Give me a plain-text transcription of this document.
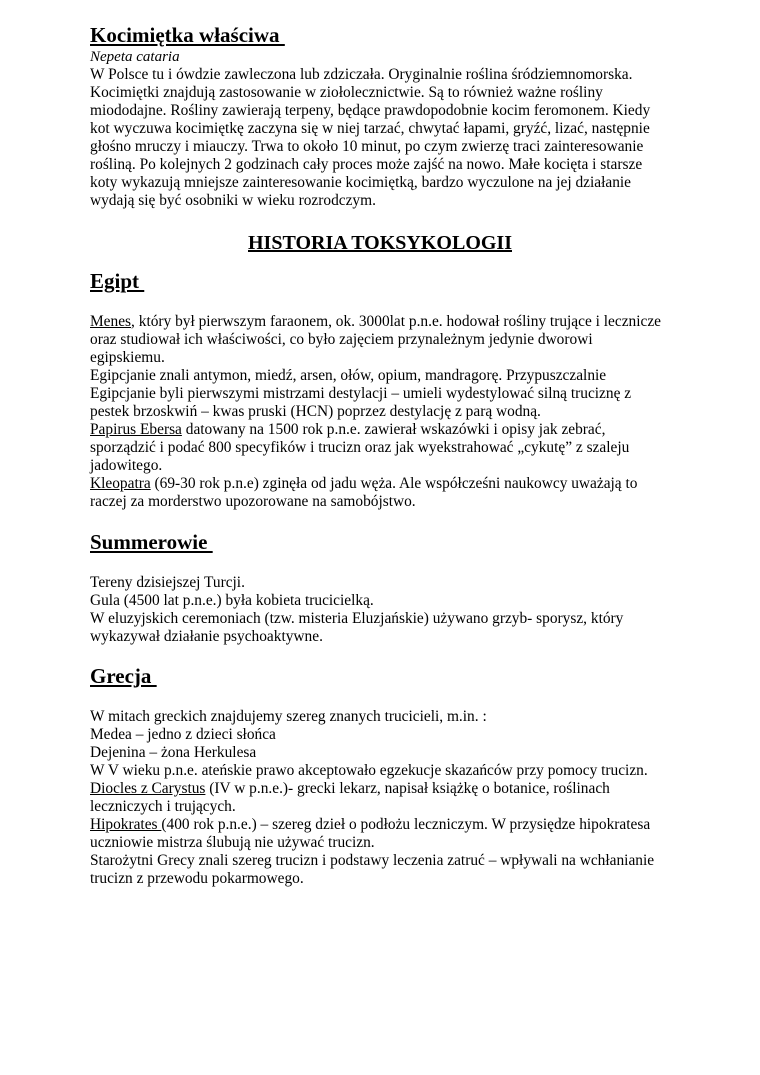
Kocimiętka właściwa

Nepeta cataria

W Polsce tu i ówdzie zawleczona lub zdziczała. Oryginalnie roślina śródziemnomorska.

Kocimiętki znajdują zastosowanie w ziołolecznictwie. Są to również ważne rośliny

miododajne. Rośliny zawierają terpeny, będące prawdopodobnie kocim feromonem. Kiedy

kot wyczuwa kocimiętkę zaczyna się w niej tarzać, chwytać łapami, gryźć, lizać, następnie

głośno mruczy i miauczy. Trwa to około 10 minut, po czym zwierzę traci zainteresowanie

rośliną. Po kolejnych 2 godzinach cały proces może zajść na nowo. Małe kocięta i starsze

koty wykazują mniejsze zainteresowanie kocimiętką, bardzo wyczulone na jej działanie

wydają się być osobniki w wieku rozrodczym.

HISTORIA TOKSYKOLOGII
Egipt

Menes, który był pierwszym faraonem, ok. 3000lat p.n.e. hodował rośliny trujące i lecznicze

oraz studiował ich właściwości, co było zajęciem przynależnym jedynie dworowi egipskiemu.

Egipcjanie znali antymon, miedź, arsen, ołów, opium, mandragorę. Przypuszczalnie

Egipcjanie byli pierwszymi mistrzami destylacji – umieli wydestylować silną truciznę z

pestek brzoskwiń – kwas pruski (HCN) poprzez destylację z parą wodną.

Papirus Ebersa datowany na 1500 rok p.n.e. zawierał wskazówki i opisy jak zebrać,

sporządzić i podać 800 specyfików i trucizn oraz jak wyekstrahować „cykutę” z szaleju

jadowitego.

Kleopatra (69-30 rok p.n.e) zginęła od jadu węża. Ale współcześni naukowcy uważają to

raczej za morderstwo upozorowane na samobójstwo.

Summerowie

Tereny dzisiejszej Turcji.

Gula (4500 lat p.n.e.) była kobieta trucicielką.

W eluzyjskich ceremoniach (tzw. misteria Eluzjańskie) używano grzyb- sporysz, który

wykazywał działanie psychoaktywne.

Grecja

W mitach greckich znajdujemy szereg znanych trucicieli, m.in. :

Medea – jedno z dzieci słońca

Dejenina – żona Herkulesa

W V wieku p.n.e. ateńskie prawo akceptowało egzekucje skazańców przy pomocy trucizn.

Diocles z Carystus (IV w p.n.e.)- grecki lekarz, napisał książkę o botanice, roślinach

leczniczych i trujących.

Hipokrates (400 rok p.n.e.) – szereg dzieł o podłożu leczniczym. W przysiędze hipokratesa

uczniowie mistrza ślubują nie używać trucizn.

Starożytni Grecy znali szereg trucizn i podstawy leczenia zatruć – wpływali na wchłanianie

trucizn z przewodu pokarmowego.
